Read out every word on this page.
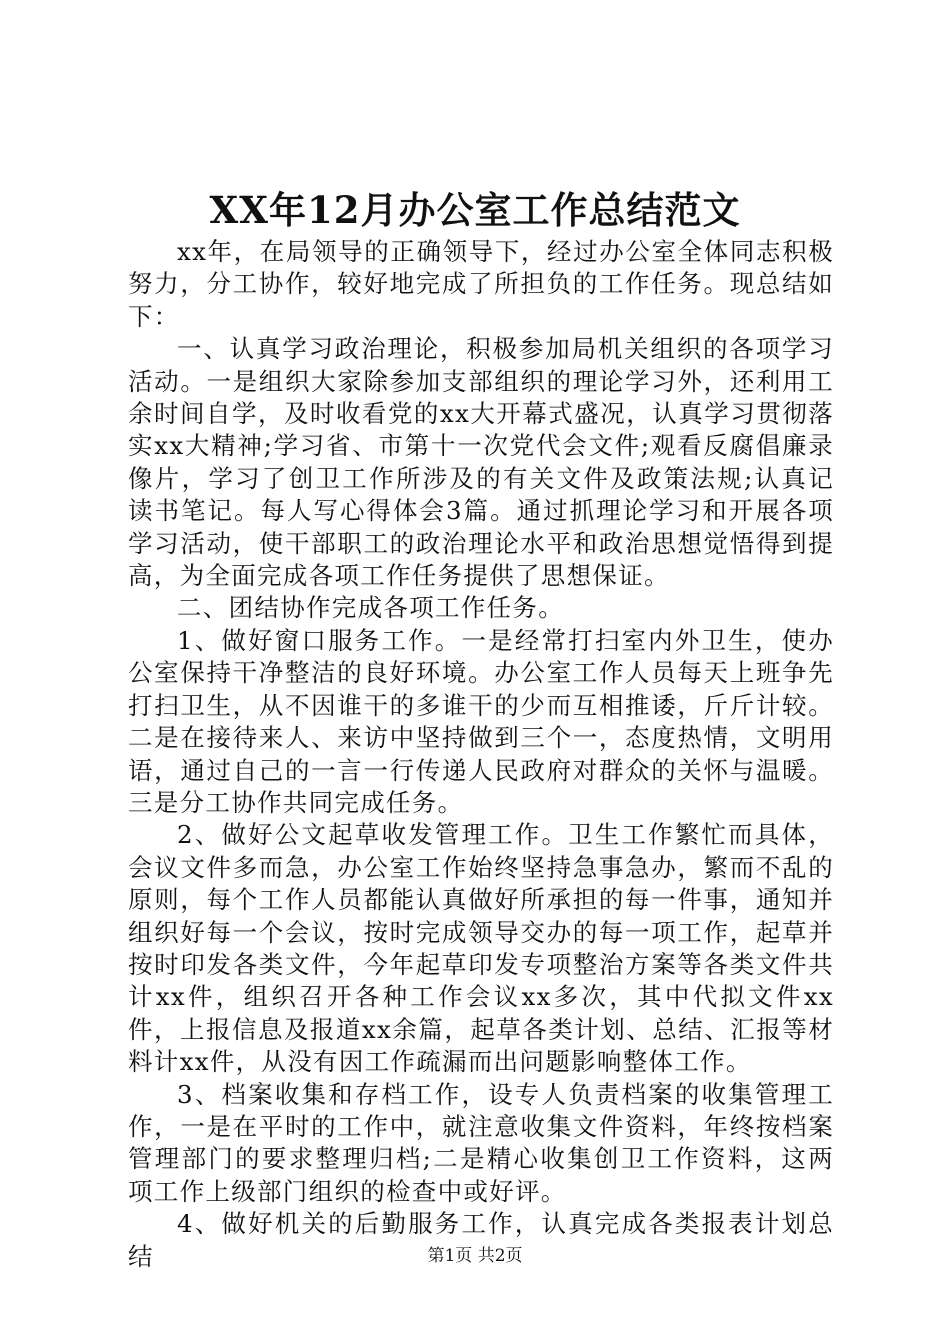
XX年12月办公室工作总结范文

xx年，在局领导的正确领导下，经过办公室全体同志积极努力，分工协作，较好地完成了所担负的工作任务。现总结如下：

一、认真学习政治理论，积极参加局机关组织的各项学习活动。一是组织大家除参加支部组织的理论学习外，还利用工余时间自学，及时收看党的xx大开幕式盛况，认真学习贯彻落实xx大精神;学习省、市第十一次党代会文件;观看反腐倡廉录像片，学习了创卫工作所涉及的有关文件及政策法规;认真记读书笔记。每人写心得体会3篇。通过抓理论学习和开展各项学习活动，使干部职工的政治理论水平和政治思想觉悟得到提高，为全面完成各项工作任务提供了思想保证。

二、团结协作完成各项工作任务。

1、做好窗口服务工作。一是经常打扫室内外卫生，使办公室保持干净整洁的良好环境。办公室工作人员每天上班争先打扫卫生，从不因谁干的多谁干的少而互相推诿，斤斤计较。二是在接待来人、来访中坚持做到三个一，态度热情，文明用语，通过自己的一言一行传递人民政府对群众的关怀与温暖。三是分工协作共同完成任务。

2、做好公文起草收发管理工作。卫生工作繁忙而具体，会议文件多而急，办公室工作始终坚持急事急办，繁而不乱的原则，每个工作人员都能认真做好所承担的每一件事，通知并组织好每一个会议，按时完成领导交办的每一项工作，起草并按时印发各类文件，今年起草印发专项整治方案等各类文件共计xx件，组织召开各种工作会议xx多次，其中代拟文件xx件，上报信息及报道xx余篇，起草各类计划、总结、汇报等材料计xx件，从没有因工作疏漏而出问题影响整体工作。

3、档案收集和存档工作，设专人负责档案的收集管理工作，一是在平时的工作中，就注意收集文件资料，年终按档案管理部门的要求整理归档;二是精心收集创卫工作资料，这两项工作上级部门组织的检查中或好评。

4、做好机关的后勤服务工作，认真完成各类报表计划总结	第1页 共2页
